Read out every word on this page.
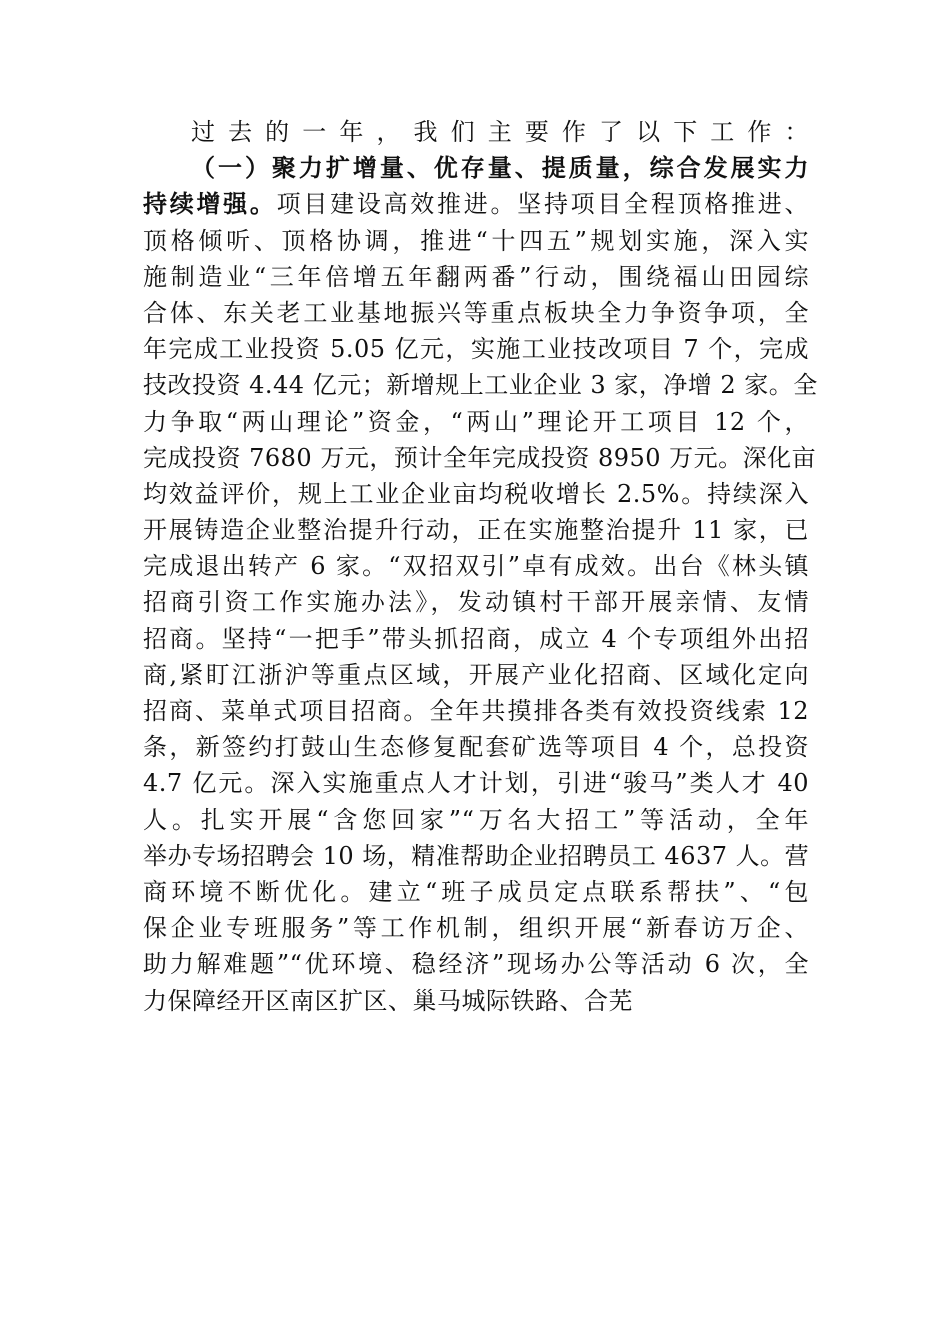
过去的一年，我们主要作了以下工作：
（一）聚力扩增量、优存量、提质量，综合发展实力
持续增强。项目建设高效推进。坚持项目全程顶格推进、
顶格倾听、顶格协调，推进“十四五”规划实施，深入实
施制造业“三年倍增五年翻两番”行动，围绕福山田园综
合体、东关老工业基地振兴等重点板块全力争资争项，全
年完成工业投资 5.05 亿元，实施工业技改项目 7 个，完成
技改投资 4.44 亿元；新增规上工业企业 3 家，净增 2 家。全
力争取“两山理论”资金，“两山”理论开工项目 12 个，
完成投资 7680 万元，预计全年完成投资 8950 万元。深化亩
均效益评价，规上工业企业亩均税收增长 2.5%。持续深入
开展铸造企业整治提升行动，正在实施整治提升 11 家，已
完成退出转产 6 家。“双招双引”卓有成效。出台《林头镇
招商引资工作实施办法》，发动镇村干部开展亲情、友情
招商。坚持“一把手”带头抓招商，成立 4 个专项组外出招
商,紧盯江浙沪等重点区域，开展产业化招商、区域化定向
招商、菜单式项目招商。全年共摸排各类有效投资线索 12
条，新签约打鼓山生态修复配套矿选等项目 4 个，总投资
4.7 亿元。深入实施重点人才计划，引进“骏马”类人才 40
人。扎实开展“含您回家”“万名大招工”等活动，全年
举办专场招聘会 10 场，精准帮助企业招聘员工 4637 人。营
商环境不断优化。建立“班子成员定点联系帮扶”、“包
保企业专班服务”等工作机制，组织开展“新春访万企、
助力解难题”“优环境、稳经济”现场办公等活动 6 次，全
力保障经开区南区扩区、巢马城际铁路、合芜
